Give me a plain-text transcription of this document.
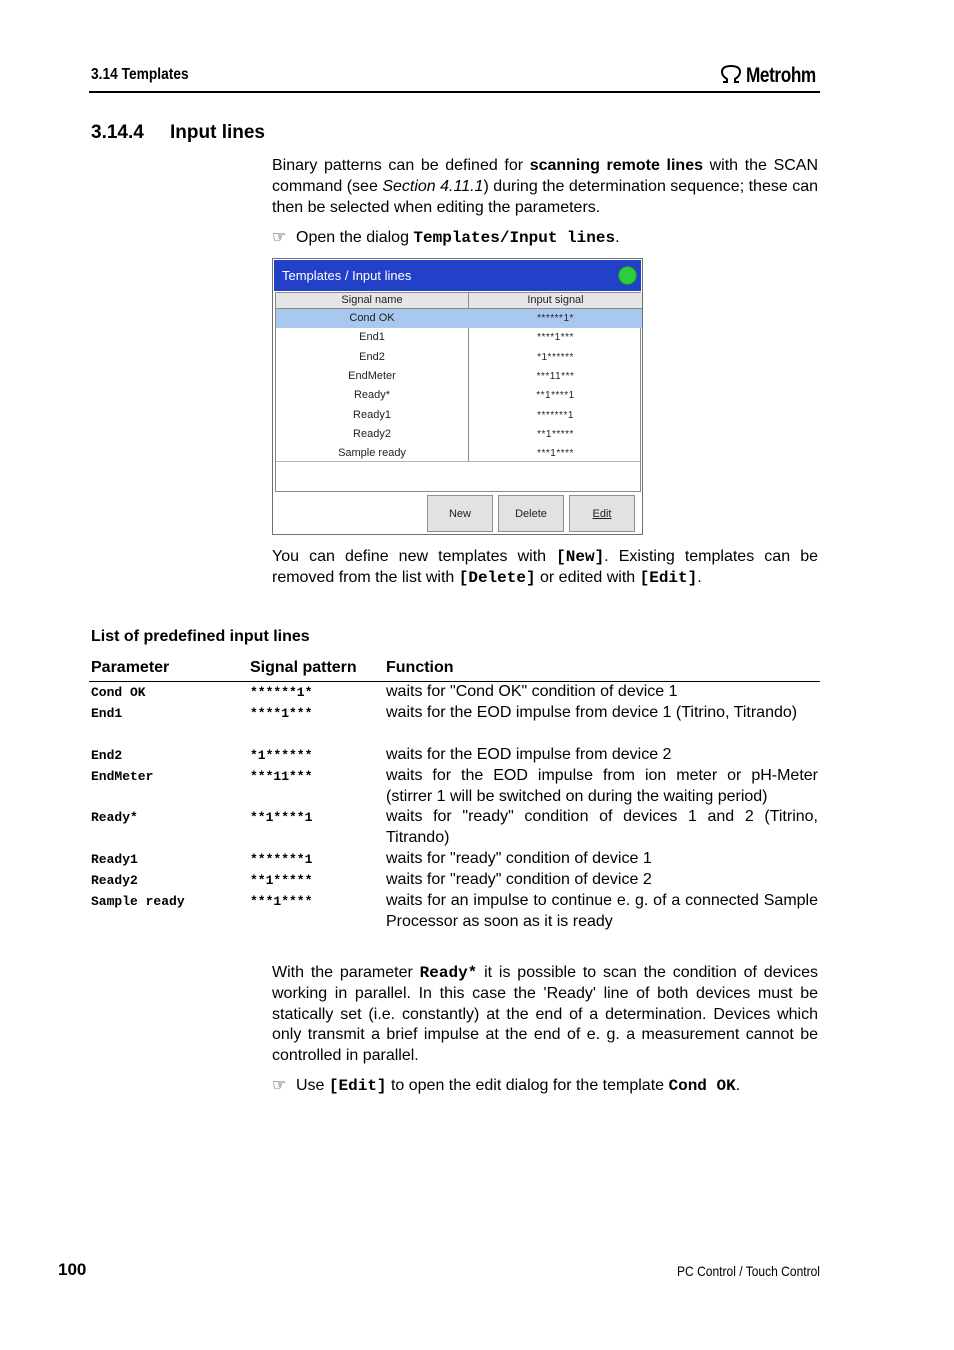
3.14 Templates	Metrohm
3.14.4 Input lines
Binary patterns can be defined for scanning remote lines with the SCAN command (see Section 4.11.1) during the determination sequence; these can then be selected when editing the parameters.
☞ Open the dialog Templates/Input lines.
Templates / Input lines
Signal name	Input signal
Cond OK	******1*
End1	****1***
End2	*1******
EndMeter	***11***
Ready*	**1****1
Ready1	*******1
Ready2	**1*****
Sample ready	***1****
New	Delete	Edit
You can define new templates with [New]. Existing templates can be removed from the list with [Delete] or edited with [Edit].
List of predefined input lines
Parameter	Signal pattern Function
Cond OK	******1*	waits for "Cond OK" condition of device 1
End1	****1***	waits for the EOD impulse from device 1 (Titrino, Titrando)
End2	*1******	waits for the EOD impulse from device 2
EndMeter	***11***	waits for the EOD impulse from ion meter or pH-Meter (stirrer 1 will be switched on during the waiting period)
Ready*	**1****1	waits for "ready" condition of devices 1 and 2 (Titrino, Titrando)
Ready1	*******1	waits for "ready" condition of device 1
Ready2	**1*****	waits for "ready" condition of device 2
Sample ready	***1****	waits for an impulse to continue e. g. of a connected Sample Processor as soon as it is ready
With the parameter Ready* it is possible to scan the condition of devices working in parallel. In this case the 'Ready' line of both devices must be statically set (i.e. constantly) at the end of a determination. Devices which only transmit a brief impulse at the end of e. g. a measurement cannot be controlled in parallel.
☞ Use [Edit] to open the edit dialog for the template Cond OK.
100	PC Control / Touch Control
